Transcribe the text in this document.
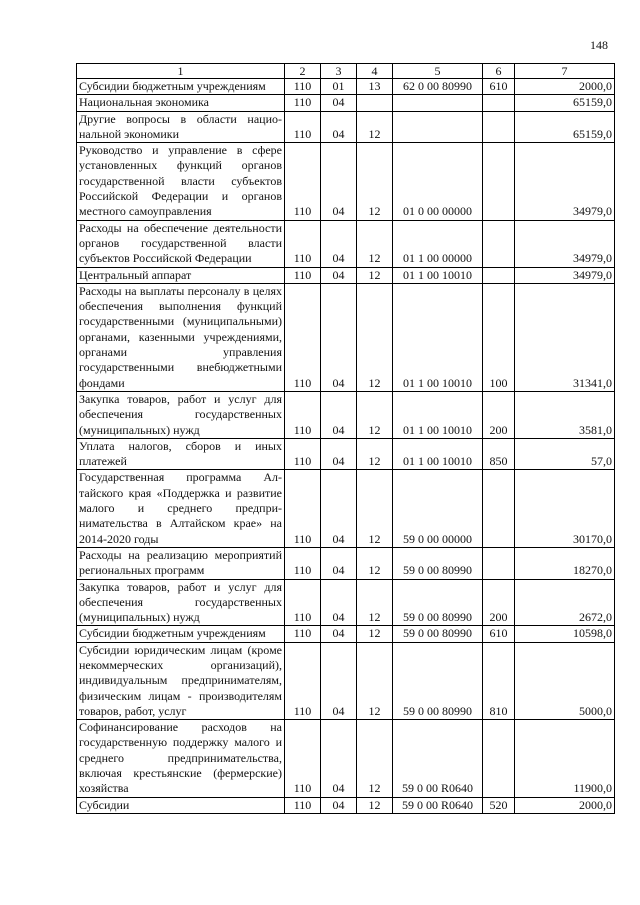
148
1	2	3	4	5	6	7
Субсидии бюджетным учреждениям	110	01	13	62 0 00 80990	610	2000,0
Национальная экономика	110	04				65159,0
Другие вопросы в области национальной экономики	110	04	12			65159,0
Руководство и управление в сфере установленных функций органов государственной власти субъектов Российской Федерации и органов местного самоуправления	110	04	12	01 0 00 00000		34979,0
Расходы на обеспечение деятельности органов государственной власти субъектов Российской Федерации	110	04	12	01 1 00 00000		34979,0
Центральный аппарат	110	04	12	01 1 00 10010		34979,0
Расходы на выплаты персоналу в целях обеспечения выполнения функций государственными (муниципальными) органами, казенными учреждениями, органами управления государственными внебюджетными фондами	110	04	12	01 1 00 10010	100	31341,0
Закупка товаров, работ и услуг для обеспечения государственных (муниципальных) нужд	110	04	12	01 1 00 10010	200	3581,0
Уплата налогов, сборов и иных платежей	110	04	12	01 1 00 10010	850	57,0
Государственная программа Алтайского края «Поддержка и развитие малого и среднего предпринимательства в Алтайском крае» на 2014-2020 годы	110	04	12	59 0 00 00000		30170,0
Расходы на реализацию мероприятий региональных программ	110	04	12	59 0 00 80990		18270,0
Закупка товаров, работ и услуг для обеспечения государственных (муниципальных) нужд	110	04	12	59 0 00 80990	200	2672,0
Субсидии бюджетным учреждениям	110	04	12	59 0 00 80990	610	10598,0
Субсидии юридическим лицам (кроме некоммерческих организаций), индивидуальным предпринимателям, физическим лицам - производителям товаров, работ, услуг	110	04	12	59 0 00 80990	810	5000,0
Софинансирование расходов на государственную поддержку малого и среднего предпринимательства, включая крестьянские (фермерские) хозяйства	110	04	12	59 0 00 R0640		11900,0
Субсидии	110	04	12	59 0 00 R0640	520	2000,0
